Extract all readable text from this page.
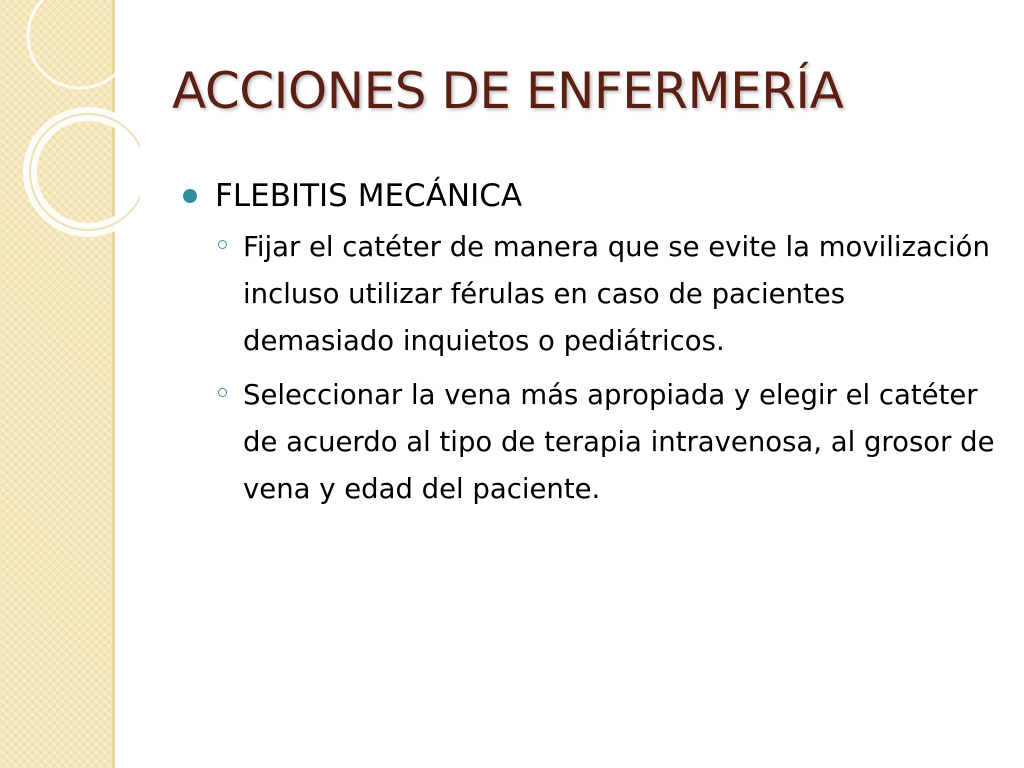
ACCIONES DE ENFERMERÍA
FLEBITIS MECÁNICA
Fijar el catéter de manera que se evite la movilización incluso utilizar férulas en caso de pacientes demasiado inquietos o pediátricos.
Seleccionar la vena más apropiada y elegir el catéter de acuerdo al tipo de terapia intravenosa, al grosor de vena y edad del paciente.
